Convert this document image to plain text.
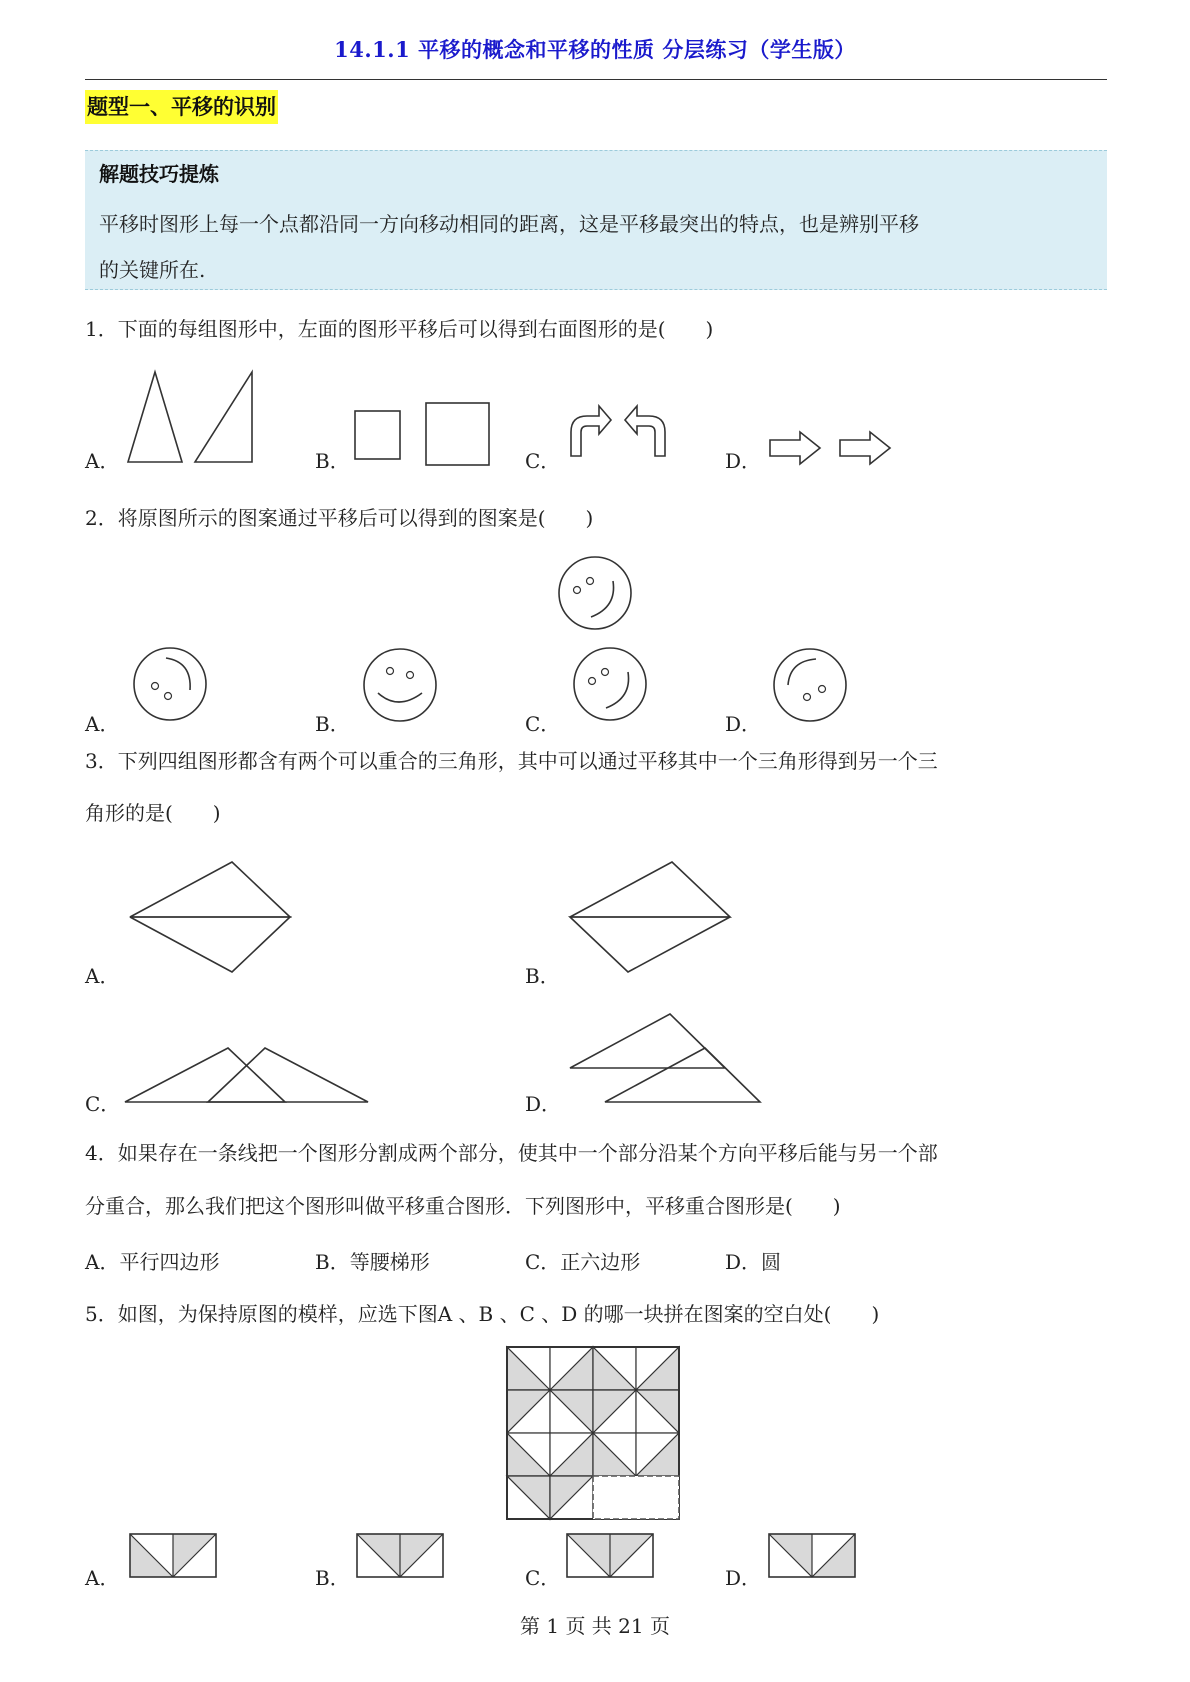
14.1.1 平移的概念和平移的性质 分层练习（学生版）
题型一、平移的识别
解题技巧提炼
平移时图形上每一个点都沿同一方向移动相同的距离，这是平移最突出的特点，也是辨别平移
的关键所在.
1．下面的每组图形中，左面的图形平移后可以得到右面图形的是(　　)
A．	B．	C．	D．
2．将原图所示的图案通过平移后可以得到的图案是(　　)
A．	B．	C．	D．
3．下列四组图形都含有两个可以重合的三角形，其中可以通过平移其中一个三角形得到另一个三
角形的是(　　)
A．	B．
C．	D．
4．如果存在一条线把一个图形分割成两个部分，使其中一个部分沿某个方向平移后能与另一个部
分重合，那么我们把这个图形叫做平移重合图形．下列图形中，平移重合图形是(　　)
A．平行四边形	B．等腰梯形	C．正六边形	D．圆
5．如图，为保持原图的模样，应选下图A 、B 、C 、D 的哪一块拼在图案的空白处(　　)
A．	B．	C．	D．
第 1 页 共 21 页
